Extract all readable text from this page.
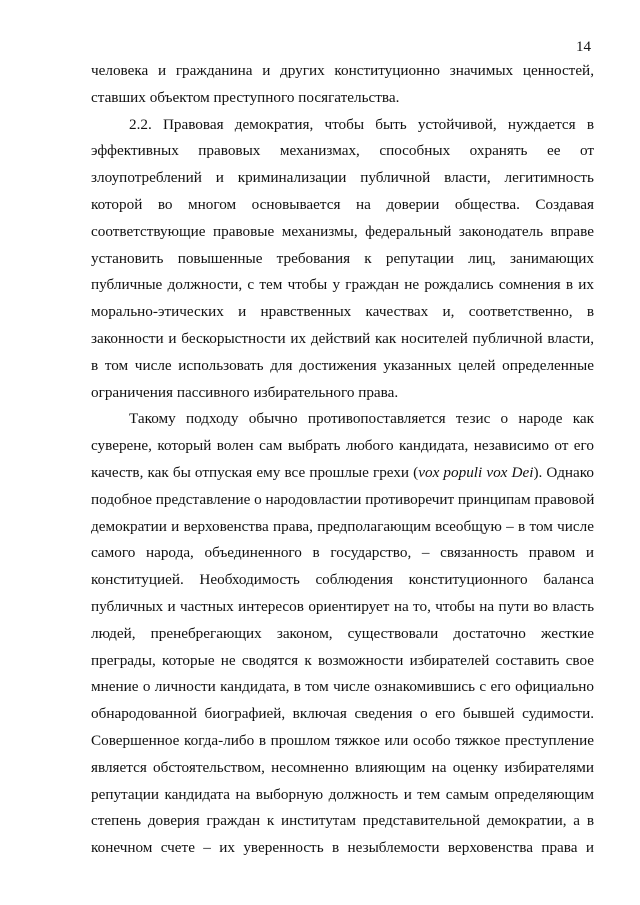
14
человека и гражданина и других конституционно значимых ценностей,
ставших объектом преступного посягательства.
2.2. Правовая демократия, чтобы быть устойчивой, нуждается в
эффективных правовых механизмах, способных охранять ее от
злоупотреблений и криминализации публичной власти, легитимность
которой во многом основывается на доверии общества. Создавая
соответствующие правовые механизмы, федеральный законодатель вправе
установить повышенные требования к репутации лиц, занимающих
публичные должности, с тем чтобы у граждан не рождались сомнения в их
морально-этических и нравственных качествах и, соответственно, в
законности и бескорыстности их действий как носителей публичной власти,
в том числе использовать для достижения указанных целей определенные
ограничения пассивного избирательного права.
Такому подходу обычно противопоставляется тезис о народе как
суверене, который волен сам выбрать любого кандидата, независимо от его
качеств, как бы отпуская ему все прошлые грехи (vox populi vox Dei). Однако
подобное представление о народовластии противоречит принципам правовой
демократии и верховенства права, предполагающим всеобщую – в том числе
самого народа, объединенного в государство, – связанность правом и
конституцией. Необходимость соблюдения конституционного баланса
публичных и частных интересов ориентирует на то, чтобы на пути во власть
людей, пренебрегающих законом, существовали достаточно жесткие
преграды, которые не сводятся к возможности избирателей составить свое
мнение о личности кандидата, в том числе ознакомившись с его официально
обнародованной биографией, включая сведения о его бывшей судимости.
Совершенное когда-либо в прошлом тяжкое или особо тяжкое преступление
является обстоятельством, несомненно влияющим на оценку избирателями
репутации кандидата на выборную должность и тем самым определяющим
степень доверия граждан к институтам представительной демократии, а в
конечном счете – их уверенность в незыблемости верховенства права и
